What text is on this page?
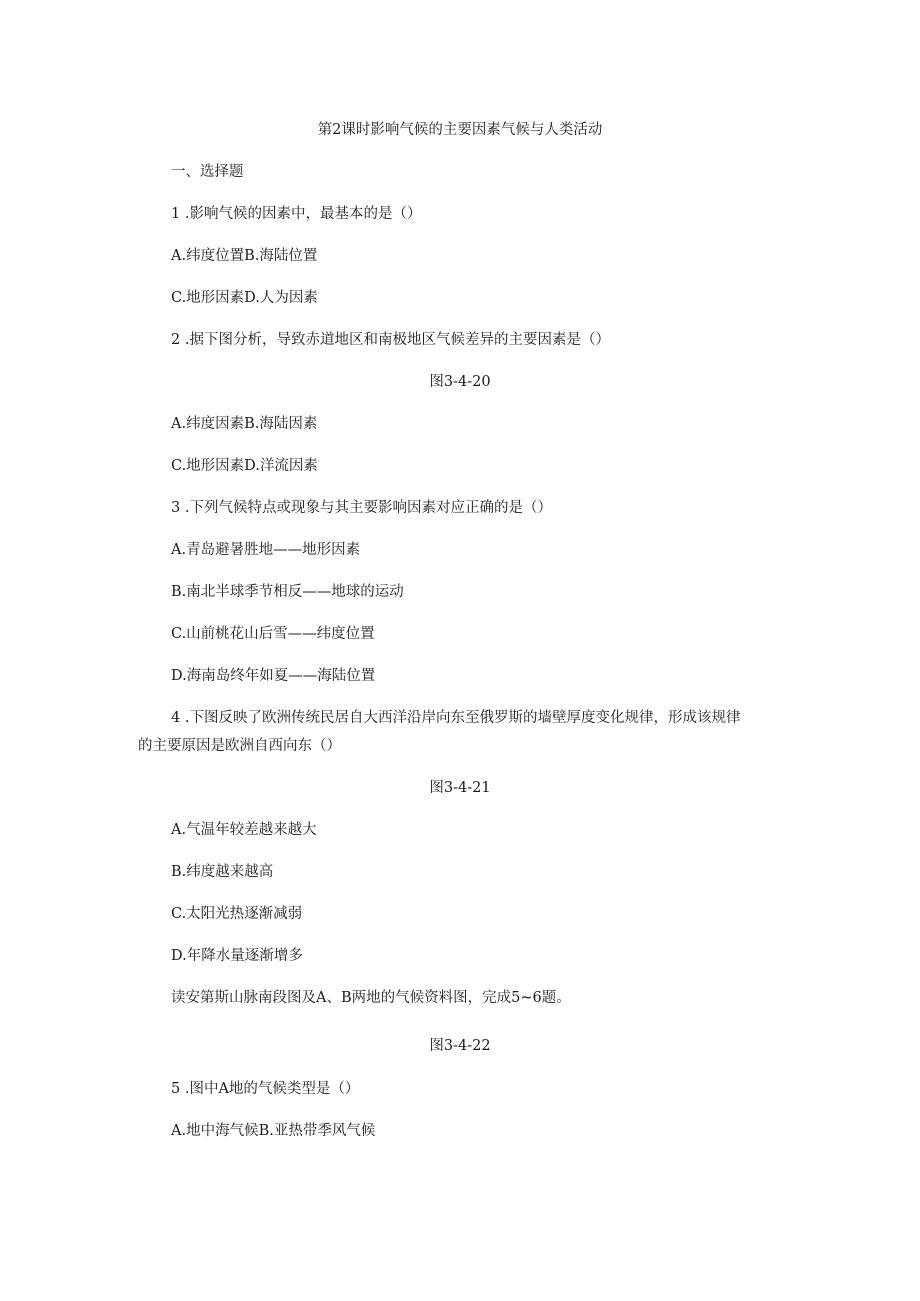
第2课时影响气候的主要因素气候与人类活动
一、选择题
1 .影响气候的因素中，最基本的是（）
A.纬度位置B.海陆位置
C.地形因素D.人为因素
2 .据下图分析，导致赤道地区和南极地区气候差异的主要因素是（）
图3-4-20
A.纬度因素B.海陆因素
C.地形因素D.洋流因素
3 .下列气候特点或现象与其主要影响因素对应正确的是（）
A.青岛避暑胜地——地形因素
B.南北半球季节相反——地球的运动
C.山前桃花山后雪——纬度位置
D.海南岛终年如夏——海陆位置
4 .下图反映了欧洲传统民居自大西洋沿岸向东至俄罗斯的墙壁厚度变化规律，形成该规律
的主要原因是欧洲自西向东（）
图3-4-21
A.气温年较差越来越大
B.纬度越来越高
C.太阳光热逐渐减弱
D.年降水量逐渐增多
读安第斯山脉南段图及A、B两地的气候资料图，完成5~6题。
图3-4-22
5 .图中A地的气候类型是（）
A.地中海气候B.亚热带季风气候
